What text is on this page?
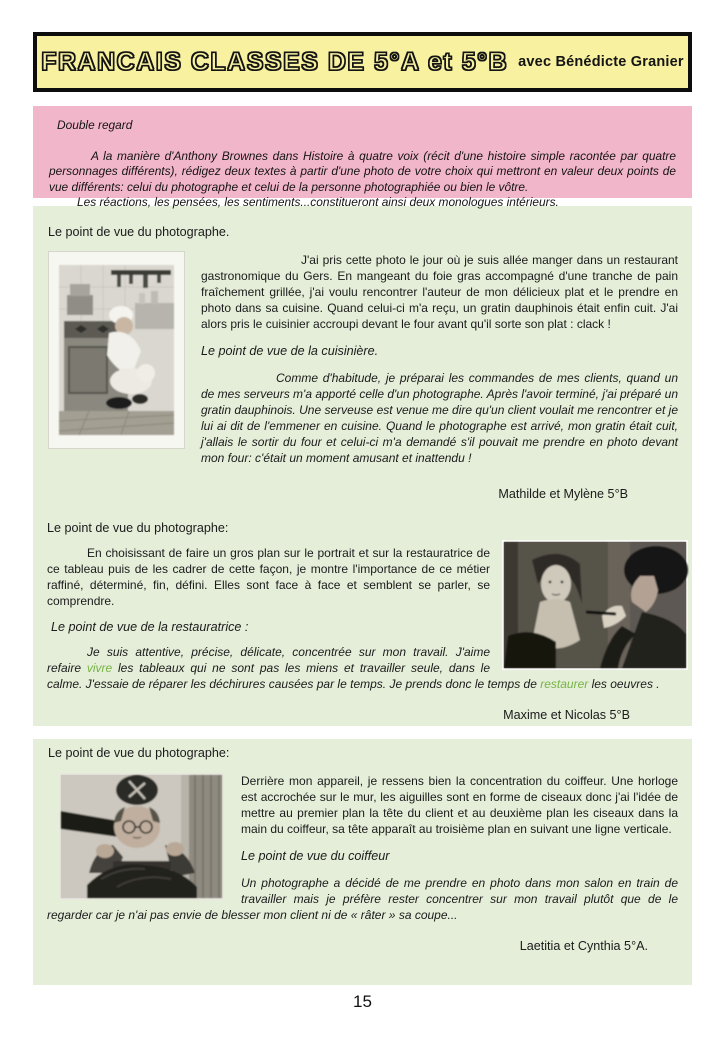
FRANCAIS CLASSES DE 5°A et 5°B avec Bénédicte Granier
Double regard
A la manière d'Anthony Brownes dans Histoire à quatre voix (récit d'une histoire simple racontée par quatre personnages différents), rédigez deux textes à partir d'une photo de votre choix qui mettront en valeur deux points de vue différents: celui du photographe et celui de la personne photographiée ou bien le vôtre.
Les réactions, les pensées, les sentiments...constitueront ainsi deux monologues intérieurs.
Le point de vue du photographe.
J'ai pris cette photo le jour où je suis allée manger dans un restaurant gastronomique du Gers. En mangeant du foie gras accompagné d'une tranche de pain fraîchement grillée, j'ai voulu rencontrer l'auteur de mon délicieux plat et le prendre en photo dans sa cuisine. Quand celui-ci m'a reçu, un gratin dauphinois était enfin cuit. J'ai alors pris le cuisinier accroupi devant le four avant qu'il sorte son plat : clack !
Le point de vue de la cuisinière.
Comme d'habitude, je préparai les commandes de mes clients, quand un de mes serveurs m'a apporté celle d'un photographe. Après l'avoir terminé, j'ai préparé un gratin dauphinois. Une serveuse est venue me dire qu'un client voulait me rencontrer et je lui ai dit de l'emmener en cuisine. Quand le photographe est arrivé, mon gratin était cuit, j'allais le sortir du four et celui-ci m'a demandé s'il pouvait me prendre en photo devant mon four: c'était un moment amusant et inattendu !
Mathilde et Mylène 5°B
Le point de vue du photographe:
En choisissant de faire un gros plan sur le portrait et sur la restauratrice de ce tableau puis de les cadrer de cette façon, je montre l'importance de ce métier raffiné, déterminé, fin, défini. Elles sont face à face et semblent se parler, se comprendre.
Le point de vue de la restauratrice :
Je suis attentive, précise, délicate, concentrée sur mon travail. J'aime refaire vivre les tableaux qui ne sont pas les miens et travailler seule, dans le calme. J'essaie de réparer les déchirures causées par le temps. Je prends donc le temps de restaurer les oeuvres .
Maxime et Nicolas 5°B
Le point de vue du photographe:
Derrière mon appareil, je ressens bien la concentration du coiffeur. Une horloge est accrochée sur le mur, les aiguilles sont en forme de ciseaux donc j'ai l'idée de mettre au premier plan la tête du client et au deuxième plan les ciseaux dans la main du coiffeur, sa tête apparaît au troisième plan en suivant une ligne verticale.
Le point de vue du coiffeur
Un photographe a décidé de me prendre en photo dans mon salon en train de travailler mais je préfère rester concentrer sur mon travail plutôt que de le regarder car je n'ai pas envie de blesser mon client ni de « râter » sa coupe...
Laetitia et Cynthia 5°A.
15
